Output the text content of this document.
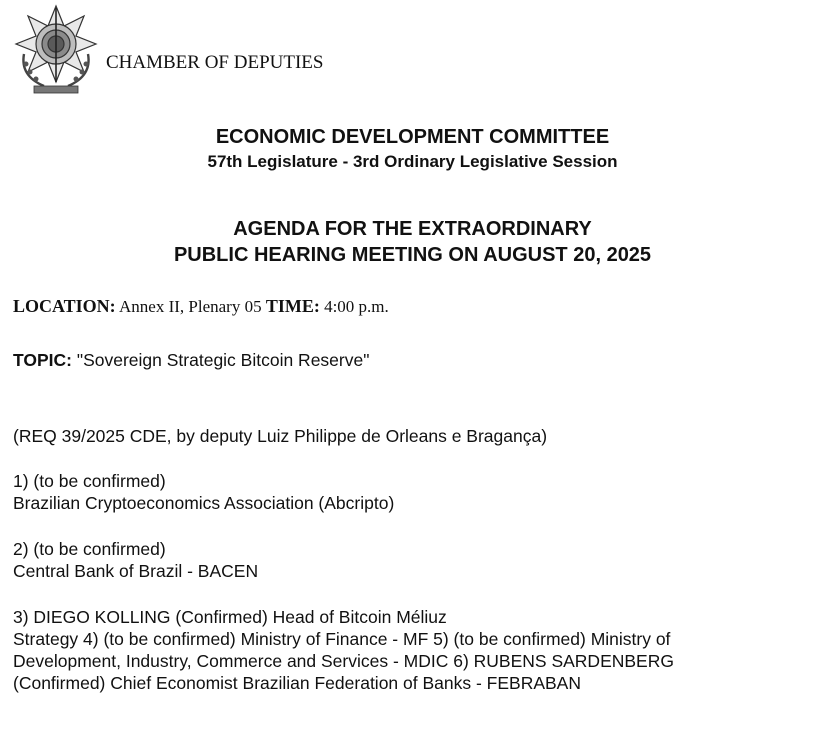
CHAMBER OF DEPUTIES
ECONOMIC DEVELOPMENT COMMITTEE
57th Legislature - 3rd Ordinary Legislative Session
AGENDA FOR THE EXTRAORDINARY
PUBLIC HEARING MEETING ON AUGUST 20, 2025
LOCATION: Annex II, Plenary 05 TIME: 4:00 p.m.
TOPIC: "Sovereign Strategic Bitcoin Reserve"
(REQ 39/2025 CDE, by deputy Luiz Philippe de Orleans e Bragança)
1) (to be confirmed)
Brazilian Cryptoeconomics Association (Abcripto)
2) (to be confirmed)
Central Bank of Brazil - BACEN
3) DIEGO KOLLING (Confirmed) Head of Bitcoin Méliuz
Strategy 4) (to be confirmed) Ministry of Finance - MF 5) (to be confirmed) Ministry of
Development, Industry, Commerce and Services - MDIC 6) RUBENS SARDENBERG
(Confirmed) Chief Economist Brazilian Federation of Banks - FEBRABAN
